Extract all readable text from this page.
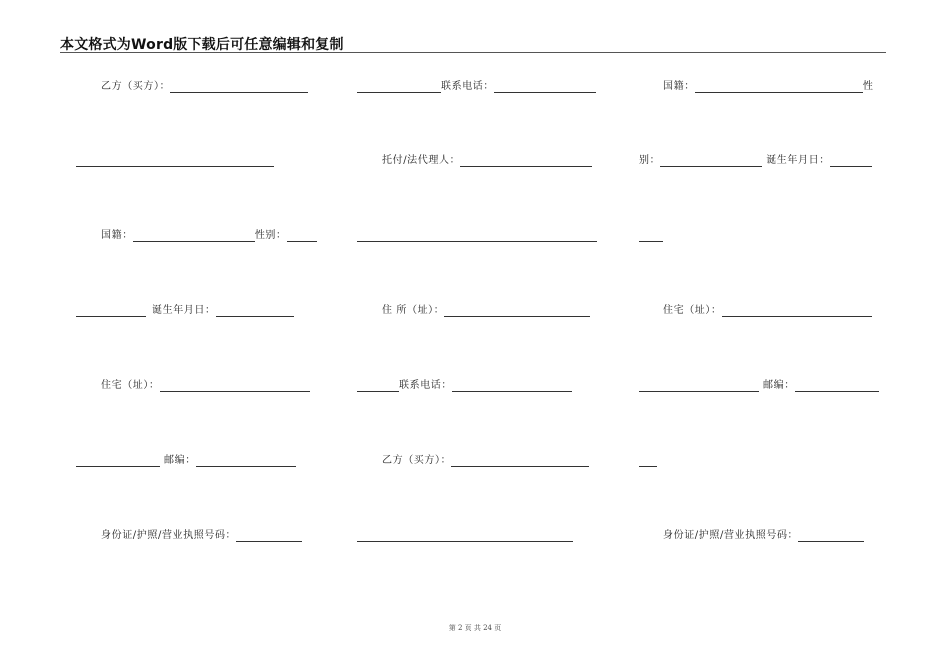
本文格式为Word版下载后可任意编辑和复制
乙方（买方）：	联系电话：	国籍：	性
托付/法代理人：	别：	诞生年月日：
国籍：	性别：
诞生年月日：	住 所（址）：	住宅（址）：
住宅（址）：	联系电话：	邮编：
邮编：	乙方（买方）：
身份证/护照/营业执照号码：	身份证/护照/营业执照号码：
第 2 页 共 24 页
